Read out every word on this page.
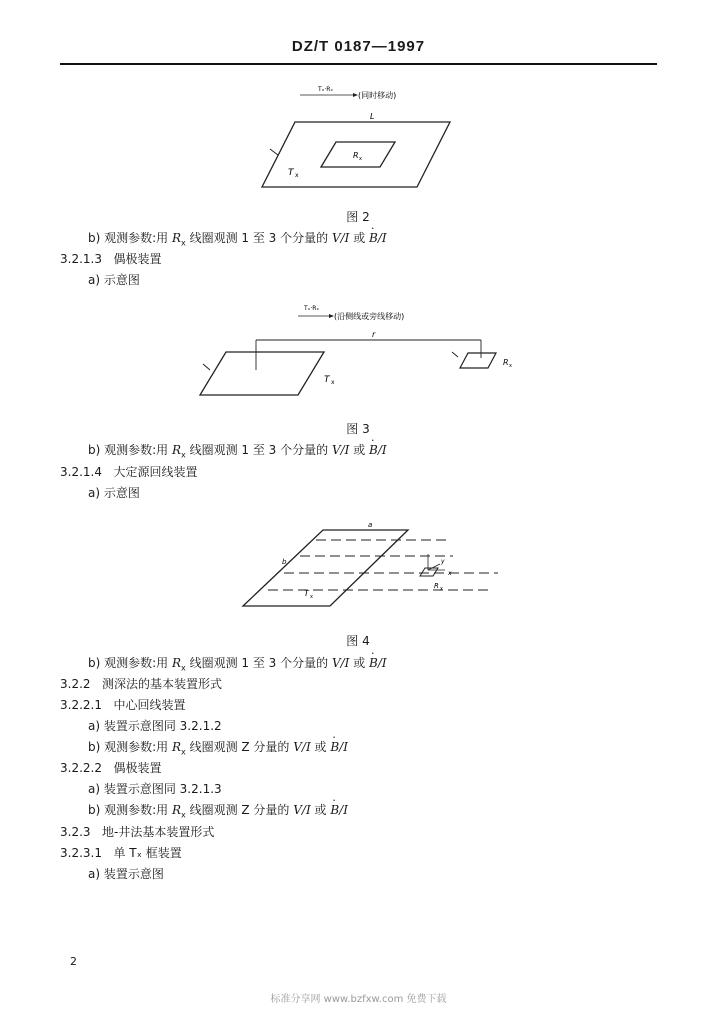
DZ/T 0187—1997
Tₓ·Rₓ
(同时移动)
L
T x
R x
图 2
b) 观测参数:用 $R_x$ 线圈观测 1 至 3 个分量的 V/I 或 · B/I
3.2.1.3 偶极装置
a) 示意图
Tₓ·Rₓ
(沿侧线或旁线移动)
r
T x
R x
图 3
b) 观测参数:用 $R_x$ 线圈观测 1 至 3 个分量的 V/I 或 · B/I
3.2.1.4 大定源回线装置
a) 示意图
a
b	y
x
R x
T x
图 4
b) 观测参数:用 $R_x$ 线圈观测 1 至 3 个分量的 V/I 或 · B/I
3.2.2 测深法的基本装置形式
3.2.2.1 中心回线装置
a) 装置示意图同 3.2.1.2
b) 观测参数:用 $R_x$ 线圈观测 Z 分量的 V/I 或 · B/I
3.2.2.2 偶极装置
a) 装置示意图同 3.2.1.3
b) 观测参数:用 $R_x$ 线圈观测 Z 分量的 V/I 或 · B/I
3.2.3 地-井法基本装置形式
3.2.3.1 单 Tₓ 框装置
a) 装置示意图
2
标准分享网 www.bzfxw.com 免费下载
